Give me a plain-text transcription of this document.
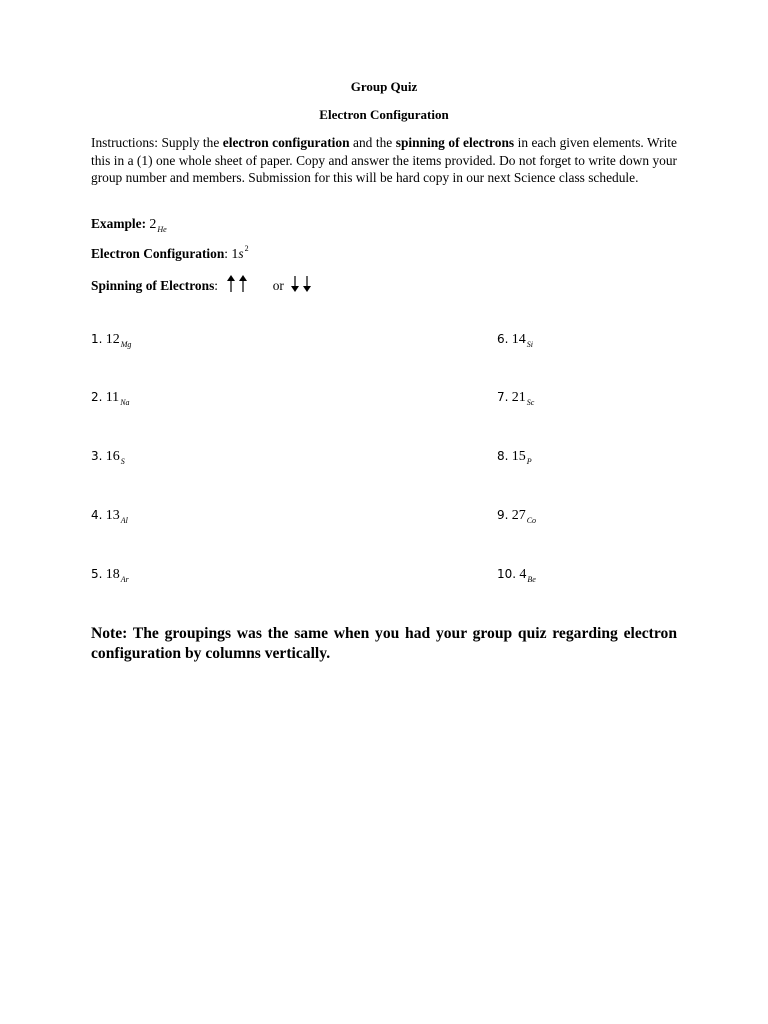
Group Quiz
Electron Configuration
Instructions: Supply the electron configuration and the spinning of electrons in each given elements. Write this in a (1) one whole sheet of paper. Copy and answer the items provided. Do not forget to write down your group number and members. Submission for this will be hard copy in our next Science class schedule.
Example: $2_{He}$
Electron Configuration: $1s^2$
Spinning of Electrons:	or
1. $12_{Mg}$
2. $11_{Na}$
3. $16_S$
4. $13_{Al}$
5. $18_{Ar}$
6. $14_{Si}$
7. $21_{Sc}$
8. $15_P$
9. $27_{Co}$
10. $4_{Be}$
Note: The groupings was the same when you had your group quiz regarding electron configuration by columns vertically.
